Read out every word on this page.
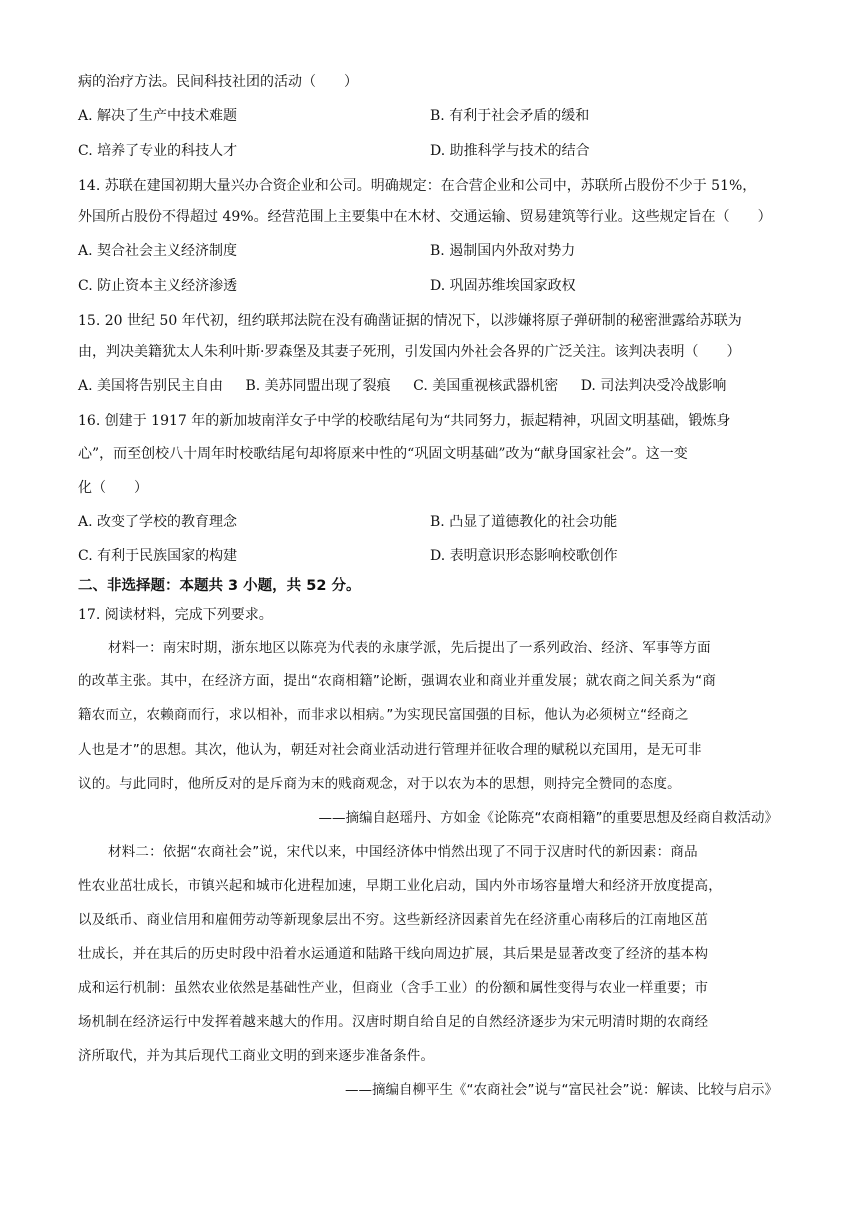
病的治疗方法。民间科技社团的活动（　　）
A. 解决了生产中技术难题	B. 有利于社会矛盾的缓和
C. 培养了专业的科技人才	D. 助推科学与技术的结合
14. 苏联在建国初期大量兴办合资企业和公司。明确规定：在合营企业和公司中，苏联所占股份不少于 51%，
外国所占股份不得超过 49%。经营范围上主要集中在木材、交通运输、贸易建筑等行业。这些规定旨在（　　）
A. 契合社会主义经济制度	B. 遏制国内外敌对势力
C. 防止资本主义经济渗透	D. 巩固苏维埃国家政权
15. 20 世纪 50 年代初，纽约联邦法院在没有确凿证据的情况下，以涉嫌将原子弹研制的秘密泄露给苏联为
由，判决美籍犹太人朱利叶斯·罗森堡及其妻子死刑，引发国内外社会各界的广泛关注。该判决表明（　　）
A. 美国将告别民主自由 B. 美苏同盟出现了裂痕 C. 美国重视核武器机密 D. 司法判决受冷战影响
16. 创建于 1917 年的新加坡南洋女子中学的校歌结尾句为“共同努力，振起精神，巩固文明基础，锻炼身
心”，而至创校八十周年时校歌结尾句却将原来中性的“巩固文明基础”改为“献身国家社会”。这一变
化（　　）
A. 改变了学校的教育理念	B. 凸显了道德教化的社会功能
C. 有利于民族国家的构建	D. 表明意识形态影响校歌创作
二、非选择题：本题共 3 小题，共 52 分。
17. 阅读材料，完成下列要求。
材料一：南宋时期，浙东地区以陈亮为代表的永康学派，先后提出了一系列政治、经济、军事等方面
的改革主张。其中，在经济方面，提出“农商相籍”论断，强调农业和商业并重发展；就农商之间关系为“商
籍农而立，农赖商而行，求以相补，而非求以相病。”为实现民富国强的目标，他认为必须树立“经商之
人也是才”的思想。其次，他认为，朝廷对社会商业活动进行管理并征收合理的赋税以充国用，是无可非
议的。与此同时，他所反对的是斥商为末的贱商观念，对于以农为本的思想，则持完全赞同的态度。
——摘编自赵瑶丹、方如金《论陈亮“农商相籍”的重要思想及经商自救活动》
材料二：依据“农商社会”说，宋代以来，中国经济体中悄然出现了不同于汉唐时代的新因素：商品
性农业茁壮成长，市镇兴起和城市化进程加速，早期工业化启动，国内外市场容量增大和经济开放度提高，
以及纸币、商业信用和雇佣劳动等新现象层出不穷。这些新经济因素首先在经济重心南移后的江南地区茁
壮成长，并在其后的历史时段中沿着水运通道和陆路干线向周边扩展，其后果是显著改变了经济的基本构
成和运行机制：虽然农业依然是基础性产业，但商业（含手工业）的份额和属性变得与农业一样重要；市
场机制在经济运行中发挥着越来越大的作用。汉唐时期自给自足的自然经济逐步为宋元明清时期的农商经
济所取代，并为其后现代工商业文明的到来逐步准备条件。
——摘编自柳平生《“农商社会”说与“富民社会”说：解读、比较与启示》
